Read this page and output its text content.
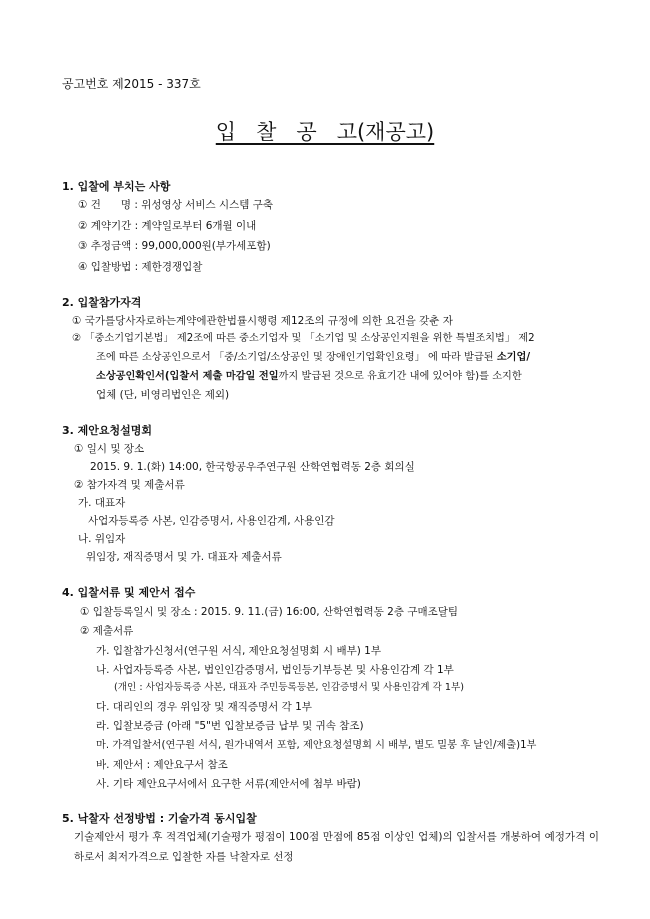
공고번호 제2015 - 337호
입   찰   공   고(재공고)
1. 입찰에 부치는 사항
① 건      명 : 위성영상 서비스 시스템 구축
② 계약기간 : 계약일로부터 6개월 이내
③ 추정금액 : 99,000,000원(부가세포함)
④ 입찰방법 : 제한경쟁입찰
2. 입찰참가자격
① 국가를당사자로하는계약에관한법률시행령 제12조의 규정에 의한 요건을 갖춘 자
② 「중소기업기본법」 제2조에 따른 중소기업자 및 「소기업 및 소상공인지원을 위한 특별조치법」 제2
조에 따른 소상공인으로서 「중/소기업/소상공인 및 장애인기업확인요령」 에 따라 발급된 소기업/
소상공인확인서(입찰서 제출 마감일 전일까지 발급된 것으로 유효기간 내에 있어야 함)를 소지한
업체 (단, 비영리법인은 제외)
3. 제안요청설명회
① 일시 및 장소
2015. 9. 1.(화) 14:00, 한국항공우주연구원 산학연협력동 2층 회의실
② 참가자격 및 제출서류
가. 대표자
사업자등록증 사본, 인감증명서, 사용인감계, 사용인감
나. 위임자
위임장, 재직증명서 및 가. 대표자 제출서류
4. 입찰서류 및 제안서 접수
① 입찰등록일시 및 장소 : 2015. 9. 11.(금) 16:00, 산학연협력동 2층 구매조달팀
② 제출서류
가. 입찰참가신청서(연구원 서식, 제안요청설명회 시 배부) 1부
나. 사업자등록증 사본, 법인인감증명서, 법인등기부등본 및 사용인감계 각 1부
(개인 : 사업자등록증 사본, 대표자 주민등록등본, 인감증명서 및 사용인감계 각 1부)
다. 대리인의 경우 위임장 및 재직증명서 각 1부
라. 입찰보증금 (아래 "5"번 입찰보증금 납부 및 귀속 참조)
마. 가격입찰서(연구원 서식, 원가내역서 포함, 제안요청설명회 시 배부, 별도 밀봉 후 날인/제출)1부
바. 제안서 : 제안요구서 참조
사. 기타 제안요구서에서 요구한 서류(제안서에 첨부 바람)
5. 낙찰자 선정방법 : 기술가격 동시입찰
기술제안서 평가 후 적격업체(기술평가 평점이 100점 만점에 85점 이상인 업체)의 입찰서를 개봉하여 예정가격 이하로서 최저가격으로 입찰한 자를 낙찰자로 선정
